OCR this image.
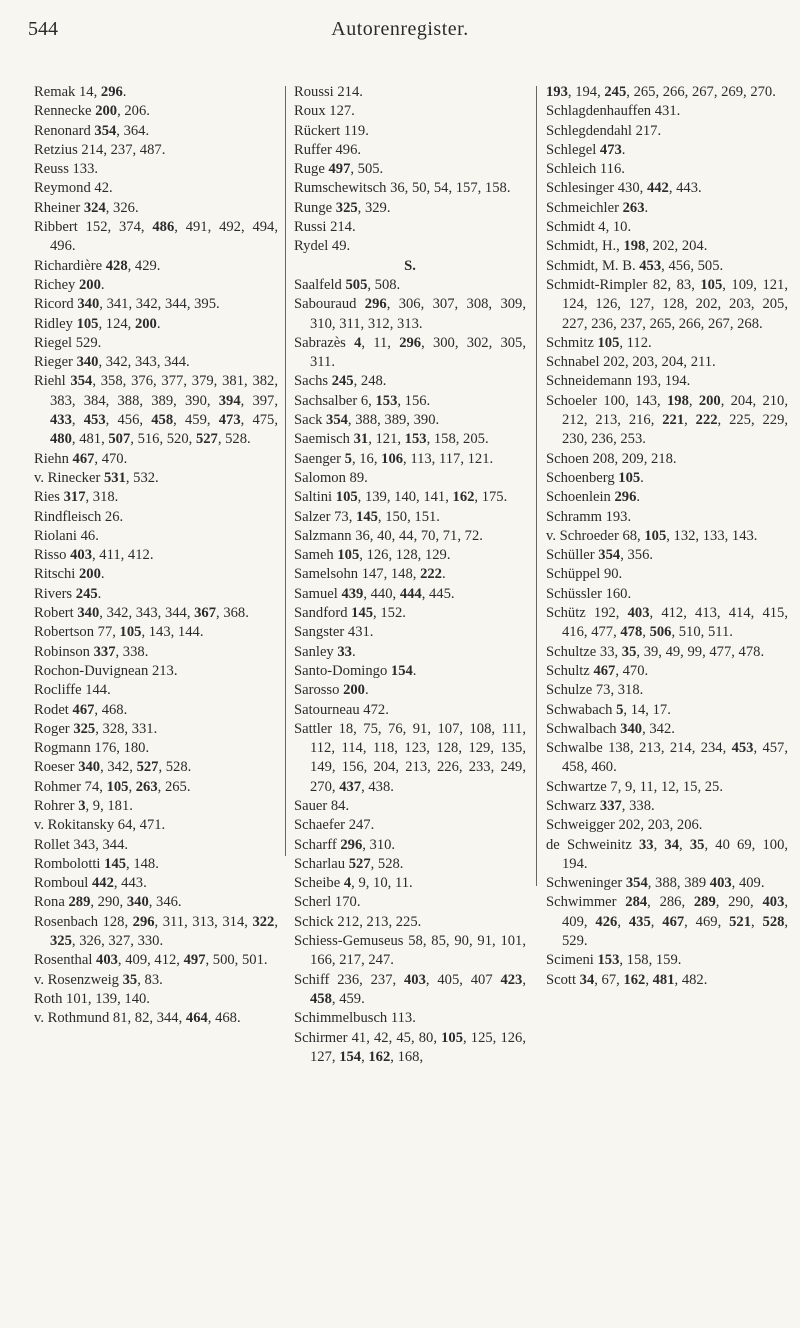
544	Autorenregister.
Remak 14, 296.
Rennecke 200, 206.
Renonard 354, 364.
Retzius 214, 237, 487.
Reuss 133.
Reymond 42.
Rheiner 324, 326.
Ribbert 152, 374, 486, 491, 492, 494, 496.
Richardière 428, 429.
Richey 200.
Ricord 340, 341, 342, 344, 395.
Ridley 105, 124, 200.
Riegel 529.
Rieger 340, 342, 343, 344.
Riehl 354, 358, 376, 377, 379, 381, 382, 383, 384, 388, 389, 390, 394, 397, 433, 453, 456, 458, 459, 473, 475, 480, 481, 507, 516, 520, 527, 528.
Riehn 467, 470.
v. Rinecker 531, 532.
Ries 317, 318.
Rindfleisch 26.
Riolani 46.
Risso 403, 411, 412.
Ritschi 200.
Rivers 245.
Robert 340, 342, 343, 344, 367, 368.
Robertson 77, 105, 143, 144.
Robinson 337, 338.
Rochon-Duvignean 213.
Rocliffe 144.
Rodet 467, 468.
Roger 325, 328, 331.
Rogmann 176, 180.
Roeser 340, 342, 527, 528.
Rohmer 74, 105, 263, 265.
Rohrer 3, 9, 181.
v. Rokitansky 64, 471.
Rollet 343, 344.
Rombolotti 145, 148.
Romboul 442, 443.
Rona 289, 290, 340, 346.
Rosenbach 128, 296, 311, 313, 314, 322, 325, 326, 327, 330.
Rosenthal 403, 409, 412, 497, 500, 501.
v. Rosenzweig 35, 83.
Roth 101, 139, 140.
v. Rothmund 81, 82, 344, 464, 468.
Roussi 214.
Roux 127.
Rückert 119.
Ruffer 496.
Ruge 497, 505.
Rumschewitsch 36, 50, 54, 157, 158.
Runge 325, 329.
Russi 214.
Rydel 49.
S.
Saalfeld 505, 508.
Sabouraud 296, 306, 307, 308, 309, 310, 311, 312, 313.
Sabrazès 4, 11, 296, 300, 302, 305, 311.
Sachs 245, 248.
Sachsalber 6, 153, 156.
Sack 354, 388, 389, 390.
Saemisch 31, 121, 153, 158, 205.
Saenger 5, 16, 106, 113, 117, 121.
Salomon 89.
Saltini 105, 139, 140, 141, 162, 175.
Salzer 73, 145, 150, 151.
Salzmann 36, 40, 44, 70, 71, 72.
Sameh 105, 126, 128, 129.
Samelsohn 147, 148, 222.
Samuel 439, 440, 444, 445.
Sandford 145, 152.
Sangster 431.
Sanley 33.
Santo-Domingo 154.
Sarosso 200.
Satourneau 472.
Sattler 18, 75, 76, 91, 107, 108, 111, 112, 114, 118, 123, 128, 129, 135, 149, 156, 204, 213, 226, 233, 249, 270, 437, 438.
Sauer 84.
Schaefer 247.
Scharff 296, 310.
Scharlau 527, 528.
Scheibe 4, 9, 10, 11.
Scherl 170.
Schick 212, 213, 225.
Schiess-Gemuseus 58, 85, 90, 91, 101, 166, 217, 247.
Schiff 236, 237, 403, 405, 407 423, 458, 459.
Schimmelbusch 113.
Schirmer 41, 42, 45, 80, 105, 125, 126, 127, 154, 162, 168,
193, 194, 245, 265, 266, 267, 269, 270.
Schlagdenhauffen 431.
Schlegdendahl 217.
Schlegel 473.
Schleich 116.
Schlesinger 430, 442, 443.
Schmeichler 263.
Schmidt 4, 10.
Schmidt, H., 198, 202, 204.
Schmidt, M. B. 453, 456, 505.
Schmidt-Rimpler 82, 83, 105, 109, 121, 124, 126, 127, 128, 202, 203, 205, 227, 236, 237, 265, 266, 267, 268.
Schmitz 105, 112.
Schnabel 202, 203, 204, 211.
Schneidemann 193, 194.
Schoeler 100, 143, 198, 200, 204, 210, 212, 213, 216, 221, 222, 225, 229, 230, 236, 253.
Schoen 208, 209, 218.
Schoenberg 105.
Schoenlein 296.
Schramm 193.
v. Schroeder 68, 105, 132, 133, 143.
Schüller 354, 356.
Schüppel 90.
Schüssler 160.
Schütz 192, 403, 412, 413, 414, 415, 416, 477, 478, 506, 510, 511.
Schultze 33, 35, 39, 49, 99, 477, 478.
Schultz 467, 470.
Schulze 73, 318.
Schwabach 5, 14, 17.
Schwalbach 340, 342.
Schwalbe 138, 213, 214, 234, 453, 457, 458, 460.
Schwartze 7, 9, 11, 12, 15, 25.
Schwarz 337, 338.
Schweigger 202, 203, 206.
de Schweinitz 33, 34, 35, 40 69, 100, 194.
Schweninger 354, 388, 389 403, 409.
Schwimmer 284, 286, 289, 290, 403, 409, 426, 435, 467, 469, 521, 528, 529.
Scimeni 153, 158, 159.
Scott 34, 67, 162, 481, 482.
